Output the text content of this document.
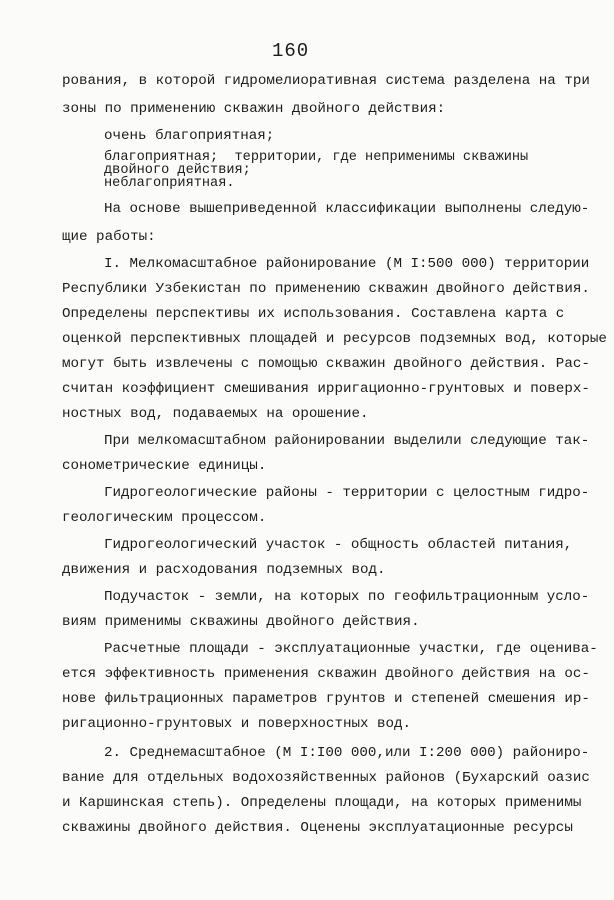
160
рования, в которой гидромелиоративная система разделена на три
зоны по применению скважин двойного действия:
очень благоприятная;
благоприятная;  территории, где неприменимы скважины
двойного действия;
неблагоприятная.
На основе вышеприведенной классификации выполнены следую-
щие работы:
I. Мелкомасштабное районирование (М I:500 000) территории
Республики Узбекистан по применению скважин двойного действия.
Определены перспективы их использования. Составлена карта с
оценкой перспективных площадей и ресурсов подземных вод, которые
могут быть извлечены с помощью скважин двойного действия. Рас-
считан коэффициент смешивания ирригационно-грунтовых и поверх-
ностных вод, подаваемых на орошение.
При мелкомасштабном районировании выделили следующие так-
сонометрические единицы.
Гидрогеологические районы - территории с целостным гидро-
геологическим процессом.
Гидрогеологический участок - общность областей питания,
движения и расходования подземных вод.
Подучасток - земли, на которых по геофильтрационным усло-
виям применимы скважины двойного действия.
Расчетные площади - эксплуатационные участки, где оценива-
ется эффективность применения скважин двойного действия на ос-
нове фильтрационных параметров грунтов и степеней смешения ир-
ригационно-грунтовых и поверхностных вод.
2. Среднемасштабное (М I:I00 000,или I:200 000) райониро-
вание для отдельных водохозяйственных районов (Бухарский оазис
и Каршинская степь). Определены площади, на которых применимы
скважины двойного действия. Оценены эксплуатационные ресурсы
